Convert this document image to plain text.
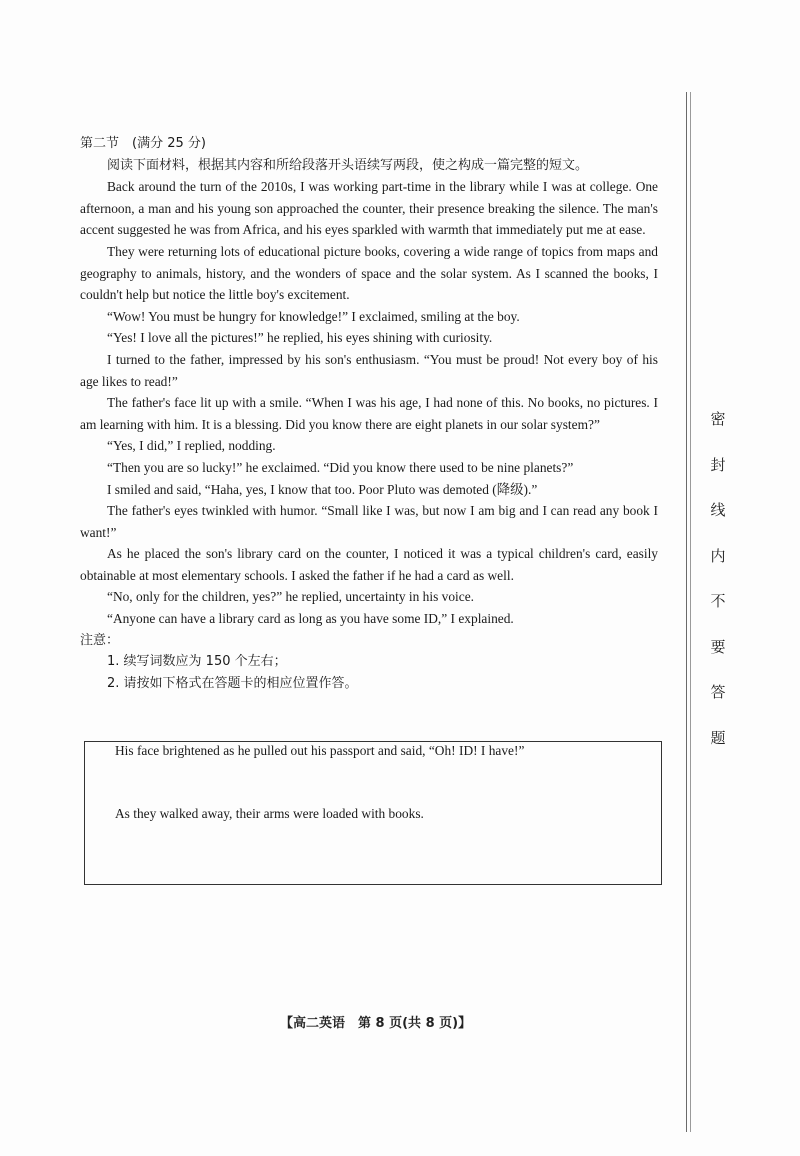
密
封
线
内
不
要
答
题

第二节　(满分 25 分)

阅读下面材料，根据其内容和所给段落开头语续写两段，使之构成一篇完整的短文。

Back around the turn of the 2010s, I was working part-time in the library while I was at college. One afternoon, a man and his young son approached the counter, their presence breaking the silence. The man's accent suggested he was from Africa, and his eyes sparkled with warmth that immediately put me at ease.

They were returning lots of educational picture books, covering a wide range of topics from maps and geography to animals, history, and the wonders of space and the solar system. As I scanned the books, I couldn't help but notice the little boy's excitement.

“Wow! You must be hungry for knowledge!” I exclaimed, smiling at the boy.

“Yes! I love all the pictures!” he replied, his eyes shining with curiosity.

I turned to the father, impressed by his son's enthusiasm. “You must be proud! Not every boy of his age likes to read!”

The father's face lit up with a smile. “When I was his age, I had none of this. No books, no pictures. I am learning with him. It is a blessing. Did you know there are eight planets in our solar system?”

“Yes, I did,” I replied, nodding.

“Then you are so lucky!” he exclaimed. “Did you know there used to be nine planets?”

I smiled and said, “Haha, yes, I know that too. Poor Pluto was demoted (降级).”

The father's eyes twinkled with humor. “Small like I was, but now I am big and I can read any book I want!”

As he placed the son's library card on the counter, I noticed it was a typical children's card, easily obtainable at most elementary schools. I asked the father if he had a card as well.

“No, only for the children, yes?” he replied, uncertainty in his voice.

“Anyone can have a library card as long as you have some ID,” I explained.

注意：

1. 续写词数应为 150 个左右；

2. 请按如下格式在答题卡的相应位置作答。

His face brightened as he pulled out his passport and said, “Oh! ID! I have!”

As they walked away, their arms were loaded with books.

【高二英语　第 8 页(共 8 页)】
